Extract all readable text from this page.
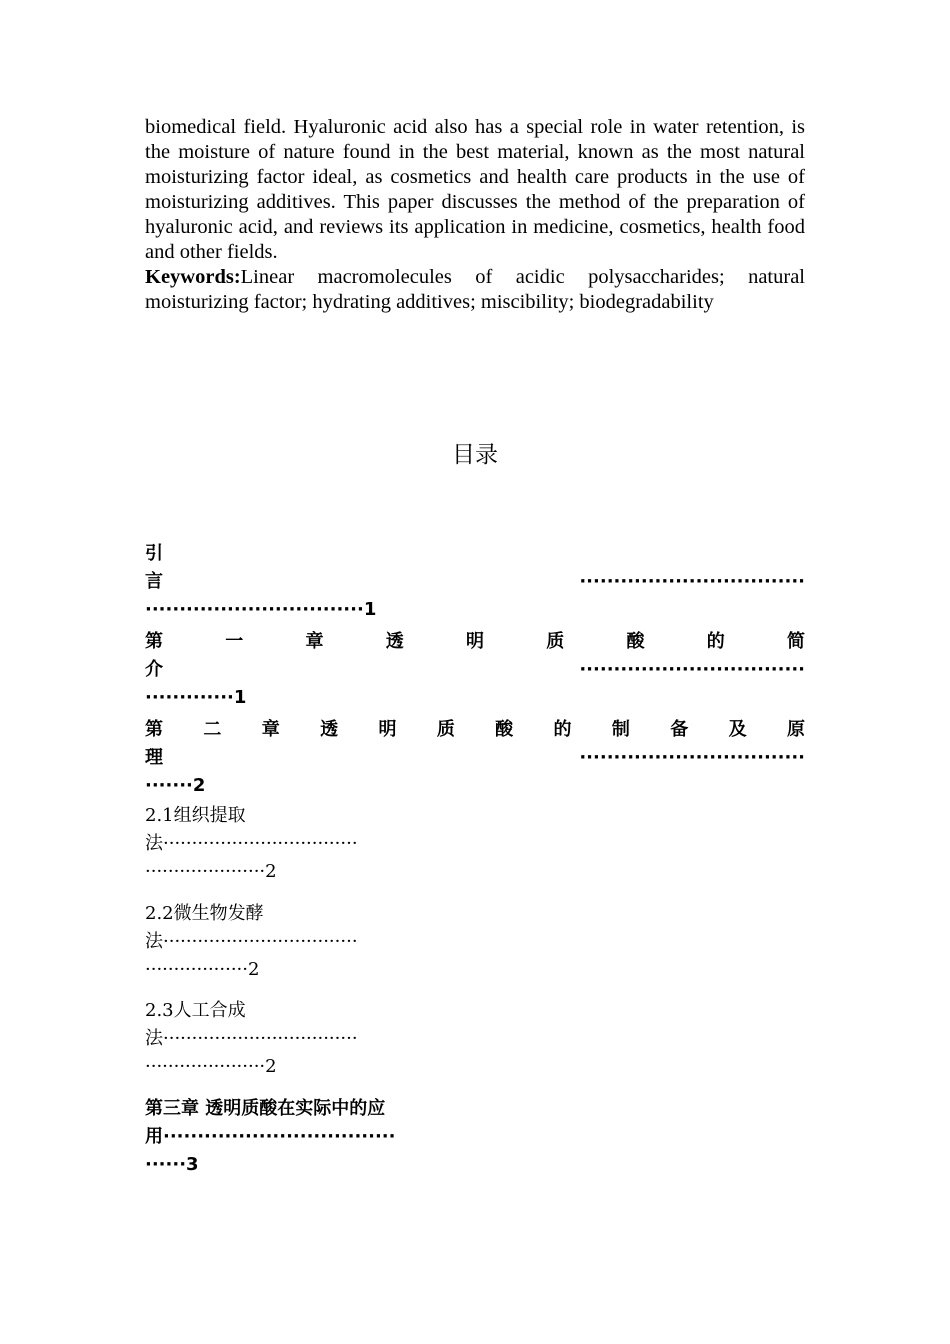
biomedical field. Hyaluronic acid also has a special role in water retention, is the moisture of nature found in the best material, known as the most natural moisturizing factor ideal, as cosmetics and health care products in the use of moisturizing additives. This paper discusses the method of the preparation of hyaluronic acid, and reviews its application in medicine, cosmetics, health food and other fields.

Keywords:Linear macromolecules of acidic polysaccharides; natural moisturizing factor; hydrating additives; miscibility; biodegradability

目录
引
言 ·································
································1
第 一 章 透 明 质 酸 的 简
介 ·································
·············1
第 二 章 透 明 质 酸 的 制 备 及 原
理 ·································
·······2
2.1组织提取
法··································
·····················2
2.2微生物发酵
法··································
··················2
2.3人工合成
法··································
·····················2
第三章 透明质酸在实际中的应
用··································
······3
